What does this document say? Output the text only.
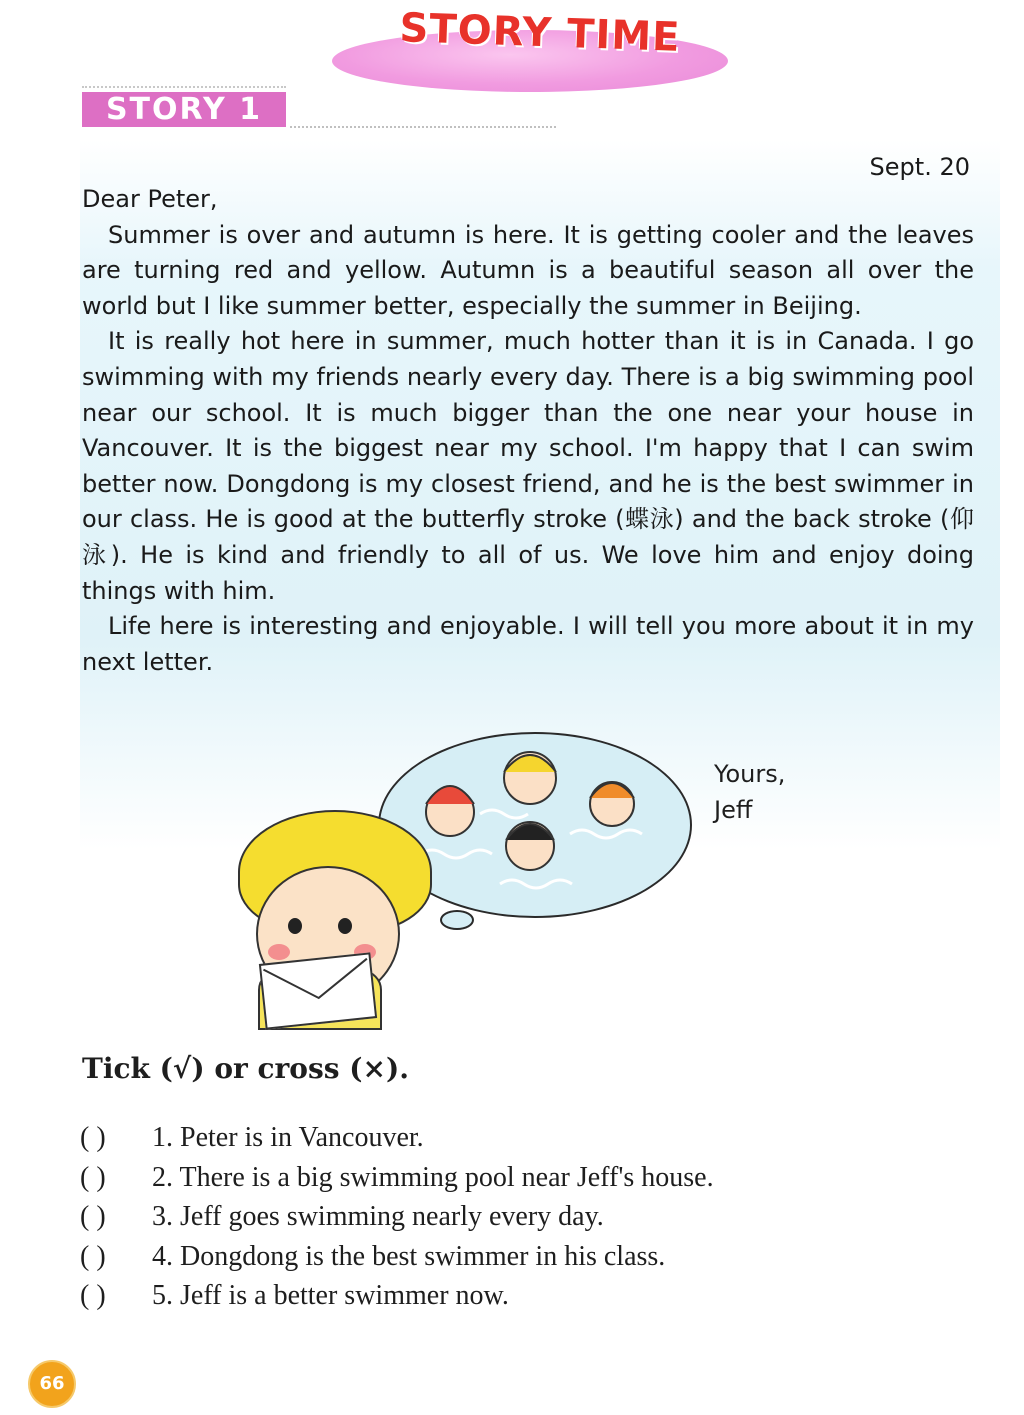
STORY TIME
STORY 1
Sept. 20

Dear Peter,

Summer is over and autumn is here. It is getting cooler and the leaves are turning red and yellow. Autumn is a beautiful season all over the world but I like summer better, especially the summer in Beijing.

It is really hot here in summer, much hotter than it is in Canada. I go swimming with my friends nearly every day. There is a big swimming pool near our school. It is much bigger than the one near your house in Vancouver. It is the biggest near my school. I'm happy that I can swim better now. Dongdong is my closest friend, and he is the best swimmer in our class. He is good at the butterfly stroke (蝶泳) and the back stroke (仰泳). He is kind and friendly to all of us. We love him and enjoy doing things with him.

Life here is interesting and enjoyable. I will tell you more about it in my next letter.

Yours,
Jeff
Tick (√) or cross (×).
( )	1. Peter is in Vancouver.
( )	2. There is a big swimming pool near Jeff's house.
( )	3. Jeff goes swimming nearly every day.
( )	4. Dongdong is the best swimmer in his class.
( )	5. Jeff is a better swimmer now.
66
